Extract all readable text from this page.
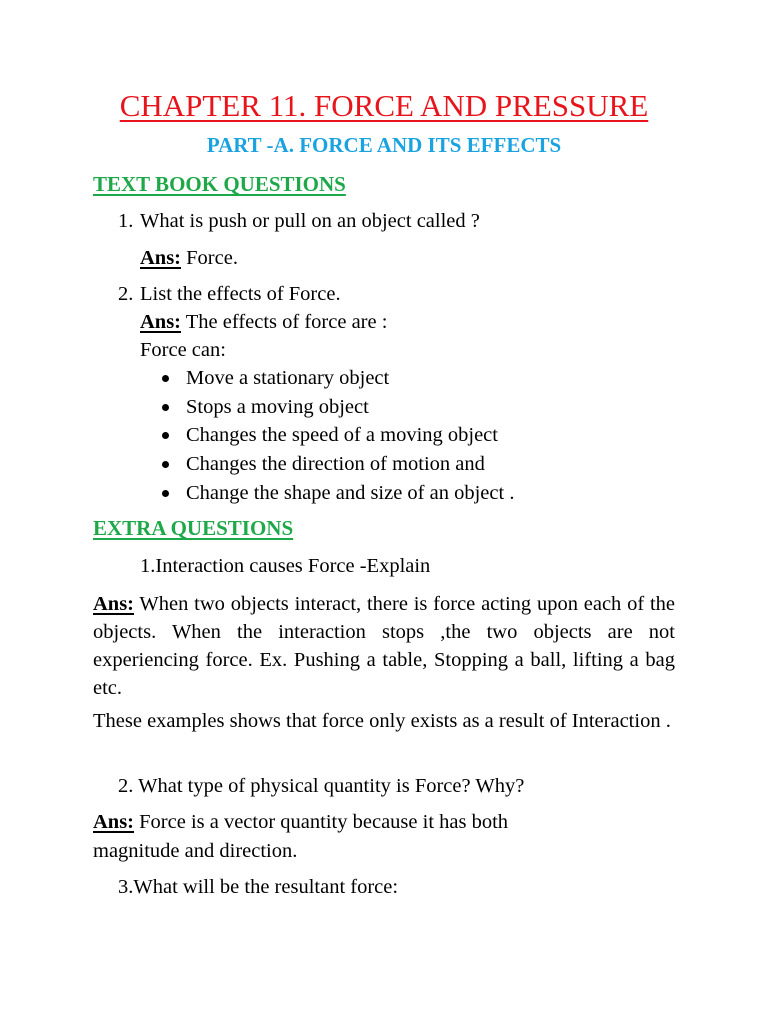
CHAPTER 11. FORCE AND PRESSURE
PART -A. FORCE AND ITS EFFECTS
TEXT BOOK QUESTIONS
1. What is push or pull on an object called ?
Ans: Force.
2. List the effects of Force.
Ans: The effects of force are :
Force can:
Move a stationary object
Stops a moving object
Changes the speed of a moving object
Changes the direction of motion and
Change the shape and size of an object .
EXTRA QUESTIONS
1.Interaction causes Force -Explain
Ans: When two objects interact, there is force acting upon each of the objects. When the interaction stops ,the two objects are not experiencing force. Ex. Pushing a table, Stopping a ball, lifting a bag etc.
These examples shows that force only exists as a result of Interaction .
2. What type of physical quantity is Force? Why?
Ans: Force is a vector quantity because it has both
magnitude and direction.
3.What will be the resultant force:
